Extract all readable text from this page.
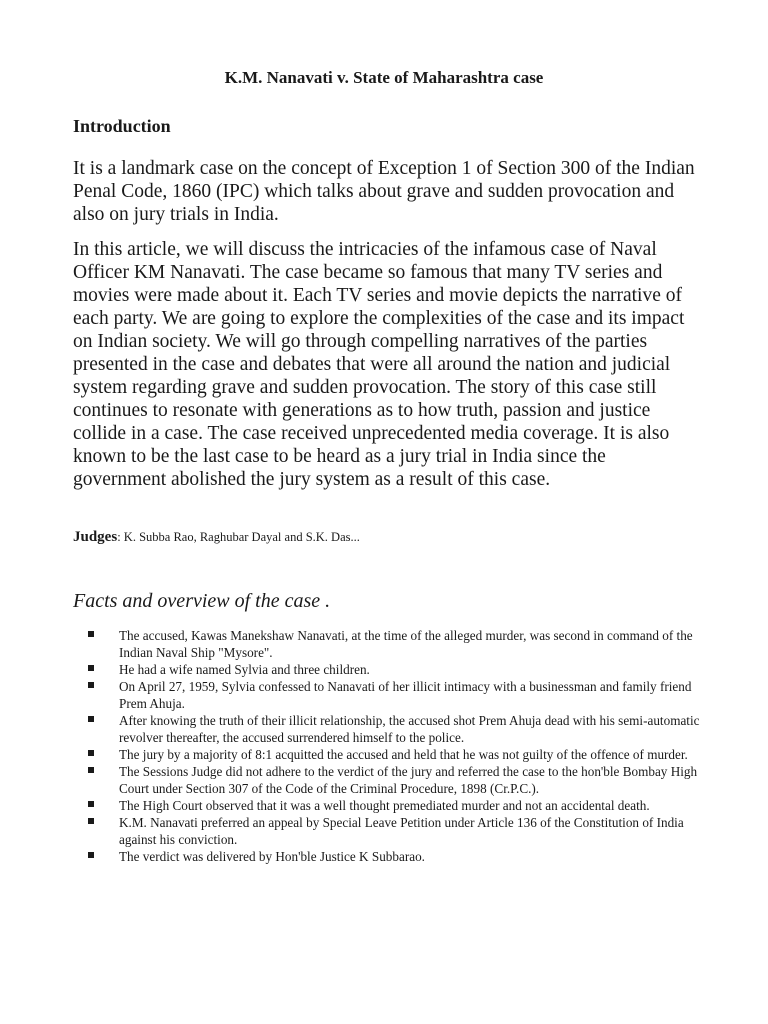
K.M. Nanavati v. State of Maharashtra case
Introduction

It is a landmark case on the concept of Exception 1 of Section 300 of the Indian Penal Code, 1860 (IPC) which talks about grave and sudden provocation and also on jury trials in India.

In this article, we will discuss the intricacies of the infamous case of Naval Officer KM Nanavati. The case became so famous that many TV series and movies were made about it. Each TV series and movie depicts the narrative of each party. We are going to explore the complexities of the case and its impact on Indian society. We will go through compelling narratives of the parties presented in the case and debates that were all around the nation and judicial system regarding grave and sudden provocation. The story of this case still continues to resonate with generations as to how truth, passion and justice collide in a case. The case received unprecedented media coverage. It is also known to be the last case to be heard as a jury trial in India since the government abolished the jury system as a result of this case.

Judges: K. Subba Rao, Raghubar Dayal and S.K. Das...
Facts and overview of the case .
The accused, Kawas Manekshaw Nanavati, at the time of the alleged murder, was second in command of the Indian Naval Ship "Mysore".
He had a wife named Sylvia and three children.
On April 27, 1959, Sylvia confessed to Nanavati of her illicit intimacy with a businessman and family friend Prem Ahuja.
After knowing the truth of their illicit relationship, the accused shot Prem Ahuja dead with his semi-automatic revolver thereafter, the accused surrendered himself to the police.
The jury by a majority of 8:1 acquitted the accused and held that he was not guilty of the offence of murder.
The Sessions Judge did not adhere to the verdict of the jury and referred the case to the hon'ble Bombay High Court under Section 307 of the Code of the Criminal Procedure, 1898 (Cr.P.C.).
The High Court observed that it was a well thought premediated murder and not an accidental death.
K.M. Nanavati preferred an appeal by Special Leave Petition under Article 136 of the Constitution of India against his conviction.
The verdict was delivered by Hon'ble Justice K Subbarao.
